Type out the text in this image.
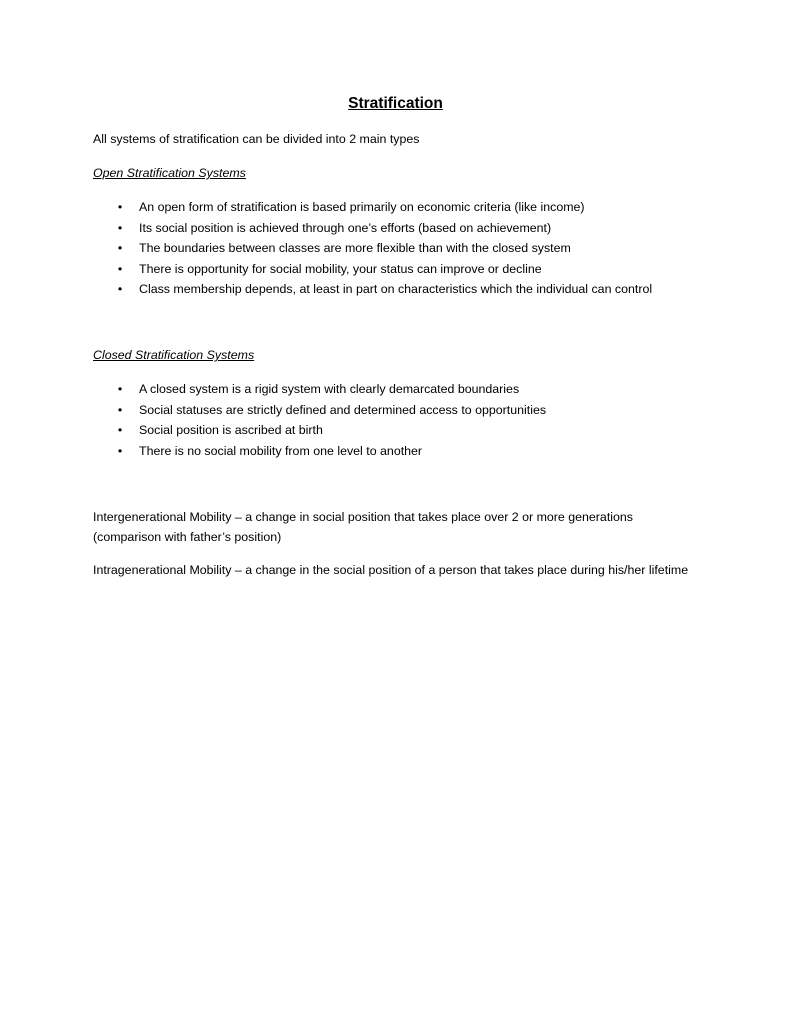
Stratification

All systems of stratification can be divided into 2 main types

Open Stratification Systems
• An open form of stratification is based primarily on economic criteria (like income)
• Its social position is achieved through one’s efforts (based on achievement)
• The boundaries between classes are more flexible than with the closed system
• There is opportunity for social mobility, your status can improve or decline
• Class membership depends, at least in part on characteristics which the individual can control
Closed Stratification Systems
• A closed system is a rigid system with clearly demarcated boundaries
• Social statuses are strictly defined and determined access to opportunities
• Social position is ascribed at birth
• There is no social mobility from one level to another

Intergenerational Mobility – a change in social position that takes place over 2 or more generations (comparison with father’s position)

Intragenerational Mobility – a change in the social position of a person that takes place during his/her lifetime
